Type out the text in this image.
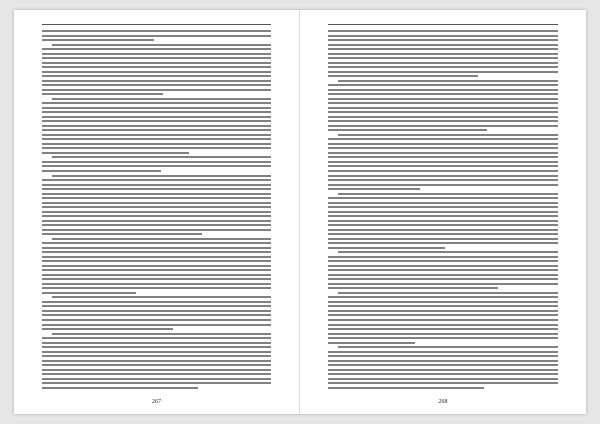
267	268
